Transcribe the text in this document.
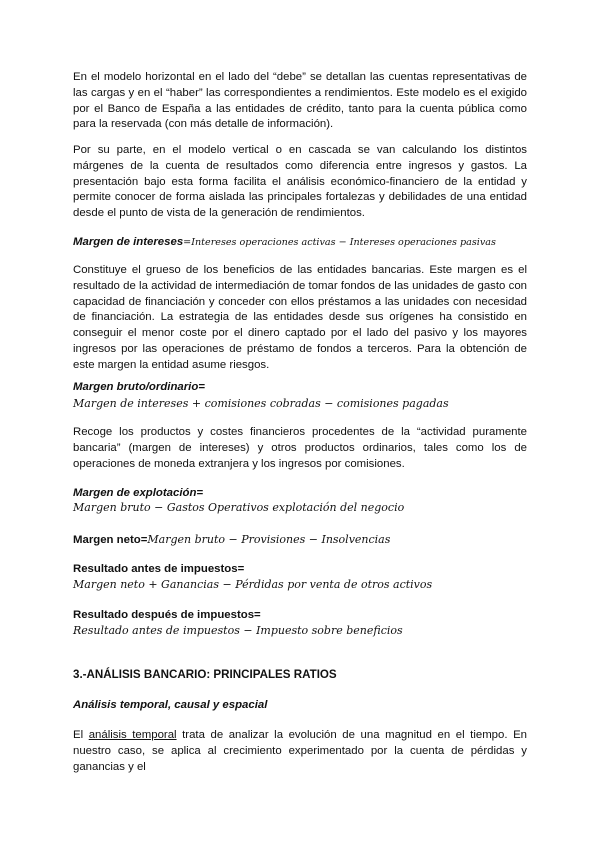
En el modelo horizontal en el lado del “debe” se detallan las cuentas representativas de las cargas y en el “haber” las correspondientes a rendimientos. Este modelo es el exigido por el Banco de España a las entidades de crédito, tanto para la cuenta pública como para la reservada (con más detalle de información).

Por su parte, en el modelo vertical o en cascada se van calculando los distintos márgenes de la cuenta de resultados como diferencia entre ingresos y gastos. La presentación bajo esta forma facilita el análisis económico-financiero de la entidad y permite conocer de forma aislada las principales fortalezas y debilidades de una entidad desde el punto de vista de la generación de rendimientos.

Margen de intereses=Intereses operaciones activas − Intereses operaciones pasivas

Constituye el grueso de los beneficios de las entidades bancarias. Este margen es el resultado de la actividad de intermediación de tomar fondos de las unidades de gasto con capacidad de financiación y conceder con ellos préstamos a las unidades con necesidad de financiación. La estrategia de las entidades desde sus orígenes ha consistido en conseguir el menor coste por el dinero captado por el lado del pasivo y los mayores ingresos por las operaciones de préstamo de fondos a terceros. Para la obtención de este margen la entidad asume riesgos.

Margen bruto/ordinario=
Margen de intereses + comisiones cobradas − comisiones pagadas

Recoge los productos y costes financieros procedentes de la “actividad puramente bancaria” (margen de intereses) y otros productos ordinarios, tales como los de operaciones de moneda extranjera y los ingresos por comisiones.

Margen de explotación=
Margen bruto − Gastos Operativos explotación del negocio
Margen neto=Margen bruto − Provisiones − Insolvencias
Resultado antes de impuestos=
Margen neto + Ganancias − Pérdidas por venta de otros activos
Resultado después de impuestos=
Resultado antes de impuestos − Impuesto sobre beneficios
3.-ANÁLISIS BANCARIO: PRINCIPALES RATIOS
Análisis temporal, causal y espacial

El análisis temporal trata de analizar la evolución de una magnitud en el tiempo. En nuestro caso, se aplica al crecimiento experimentado por la cuenta de pérdidas y ganancias y el
